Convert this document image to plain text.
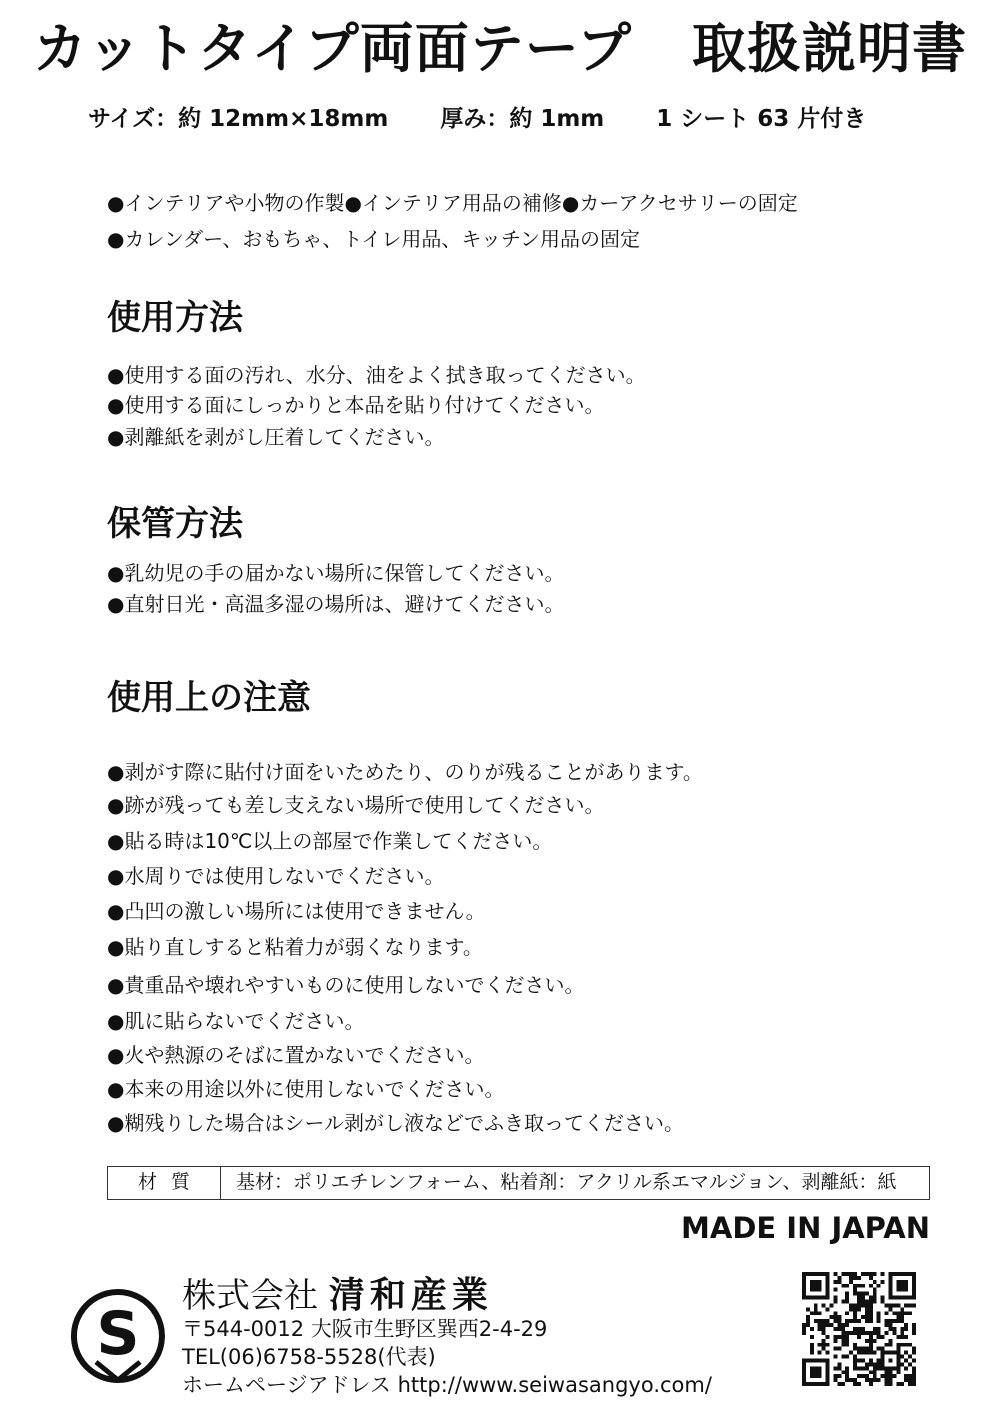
カットタイプ両面テープ 取扱説明書
サイズ：約 12mm×18mm 厚み：約 1mm 1 シート 63 片付き
●インテリアや小物の作製●インテリア用品の補修●カーアクセサリーの固定
●カレンダー、おもちゃ、トイレ用品、キッチン用品の固定
使用方法
●使用する面の汚れ、水分、油をよく拭き取ってください。
●使用する面にしっかりと本品を貼り付けてください。
●剥離紙を剥がし圧着してください。
保管方法
●乳幼児の手の届かない場所に保管してください。
●直射日光・高温多湿の場所は、避けてください。
使用上の注意
●剥がす際に貼付け面をいためたり、のりが残ることがあります。
●跡が残っても差し支えない場所で使用してください。
●貼る時は10℃以上の部屋で作業してください。
●水周りでは使用しないでください。
●凸凹の激しい場所には使用できません。
●貼り直しすると粘着力が弱くなります。
●貴重品や壊れやすいものに使用しないでください。
●肌に貼らないでください。
●火や熱源のそばに置かないでください。
●本来の用途以外に使用しないでください。
●糊残りした場合はシール剥がし液などでふき取ってください。
材質	基材：ポリエチレンフォーム、粘着剤：アクリル系エマルジョン、剥離紙：紙
MADE IN JAPAN
S
株式会社 清和産業
〒544-0012 大阪市生野区巽西2-4-29
TEL(06)6758-5528(代表)
ホームページアドレス http://www.seiwasangyo.com/
